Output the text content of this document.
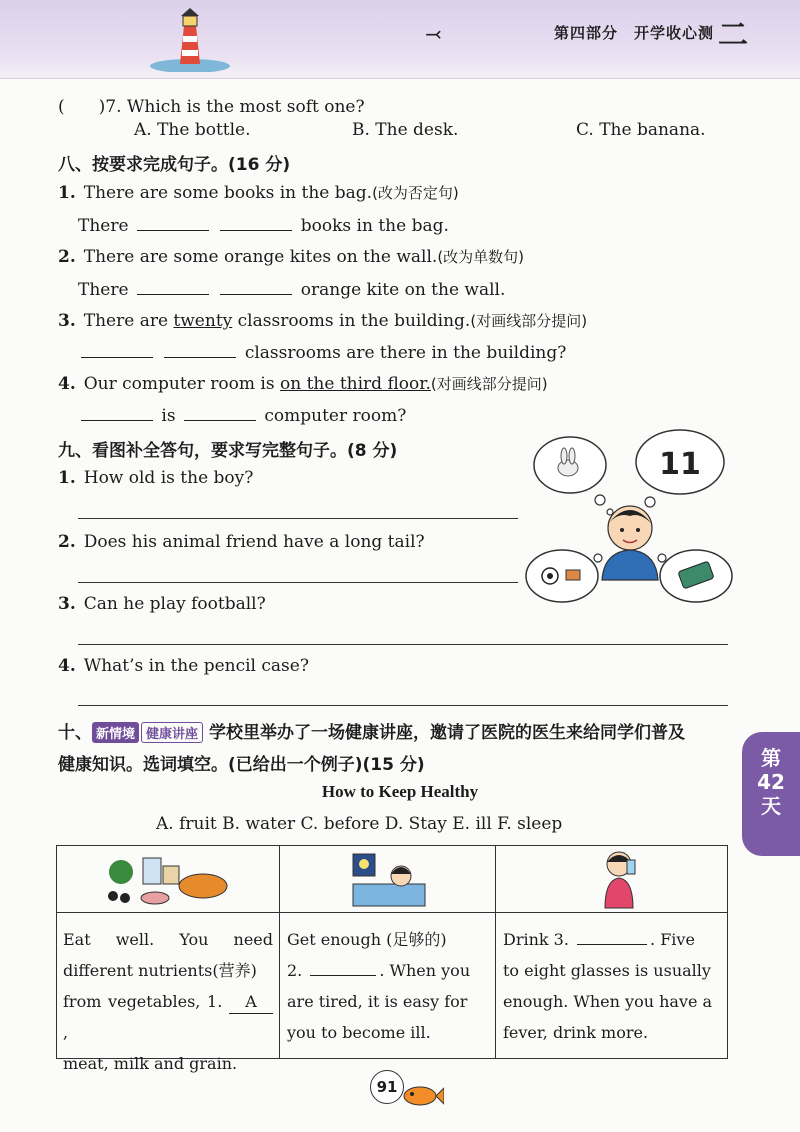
⤙	第四部分　开学收心测 二
(　　)7. Which is the most soft one?
A. The bottle.	B. The desk.	C. The banana.
八、按要求完成句子。(16 分)
1. There are some books in the bag.(改为否定句)
There	books in the bag.
2. There are some orange kites on the wall.(改为单数句)
There	orange kite on the wall.
3. There are twenty classrooms in the building.(对画线部分提问)
classrooms are there in the building?
4. Our computer room is on the third floor.(对画线部分提问)
is	computer room?
九、看图补全答句，要求写完整句子。(8 分)
1. How old is the boy?
2. Does his animal friend have a long tail?
3. Can he play football?
4. What’s in the pencil case?
11
十、 新情境 健康讲座 学校里举办了一场健康讲座，邀请了医院的医生来给同学们普及
健康知识。选词填空。(已给出一个例子)(15 分)
How to Keep Healthy
A. fruit B. water C. before D. Stay E. ill F. sleep
Eat well. You need
different nutrients(营养)
from vegetables, 1. A ,
meat, milk and grain.
Get enough (足够的)
2.	. When you
are tired, it is easy for
you to become ill.
Drink 3.	. Five
to eight glasses is usually
enough. When you have a
fever, drink more.
第
42
天
91
